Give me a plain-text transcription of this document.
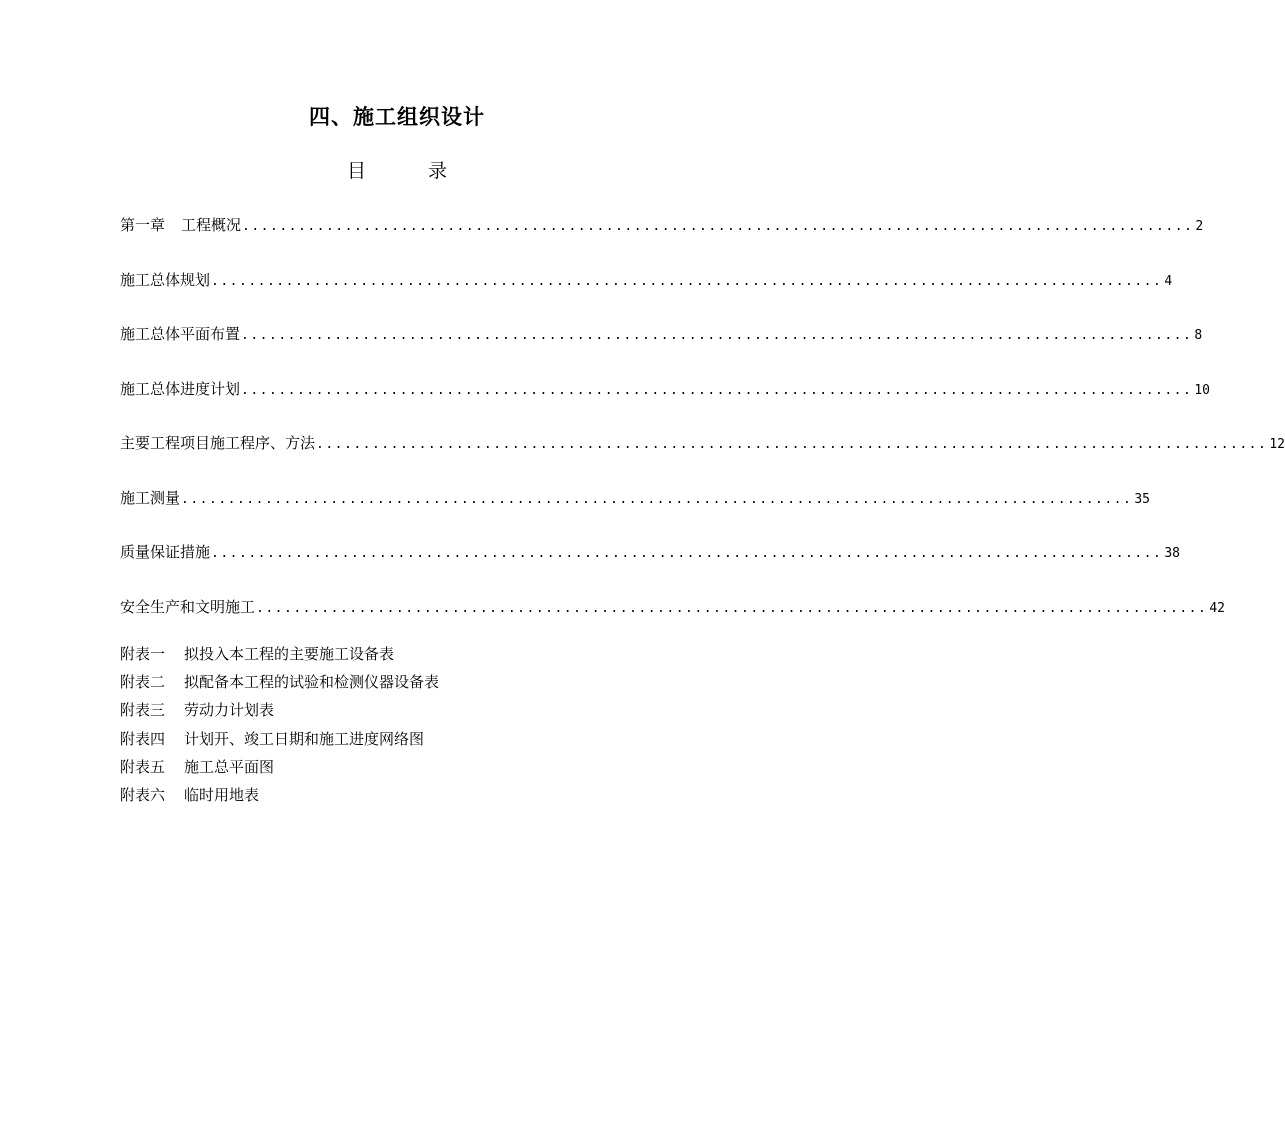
四、施工组织设计
目	录
第一章 工程概况 ...................................................................................................... 2
施工总体规划 ...................................................................................................... 4
施工总体平面布置 ...................................................................................................... 8
施工总体进度计划 ...................................................................................................... 10
主要工程项目施工程序、方法 ...................................................................................................... 12
施工测量 ...................................................................................................... 35
质量保证措施 ...................................................................................................... 38
安全生产和文明施工 ...................................................................................................... 42
附表一 拟投入本工程的主要施工设备表
附表二 拟配备本工程的试验和检测仪器设备表
附表三 劳动力计划表
附表四 计划开、竣工日期和施工进度网络图
附表五 施工总平面图
附表六 临时用地表
